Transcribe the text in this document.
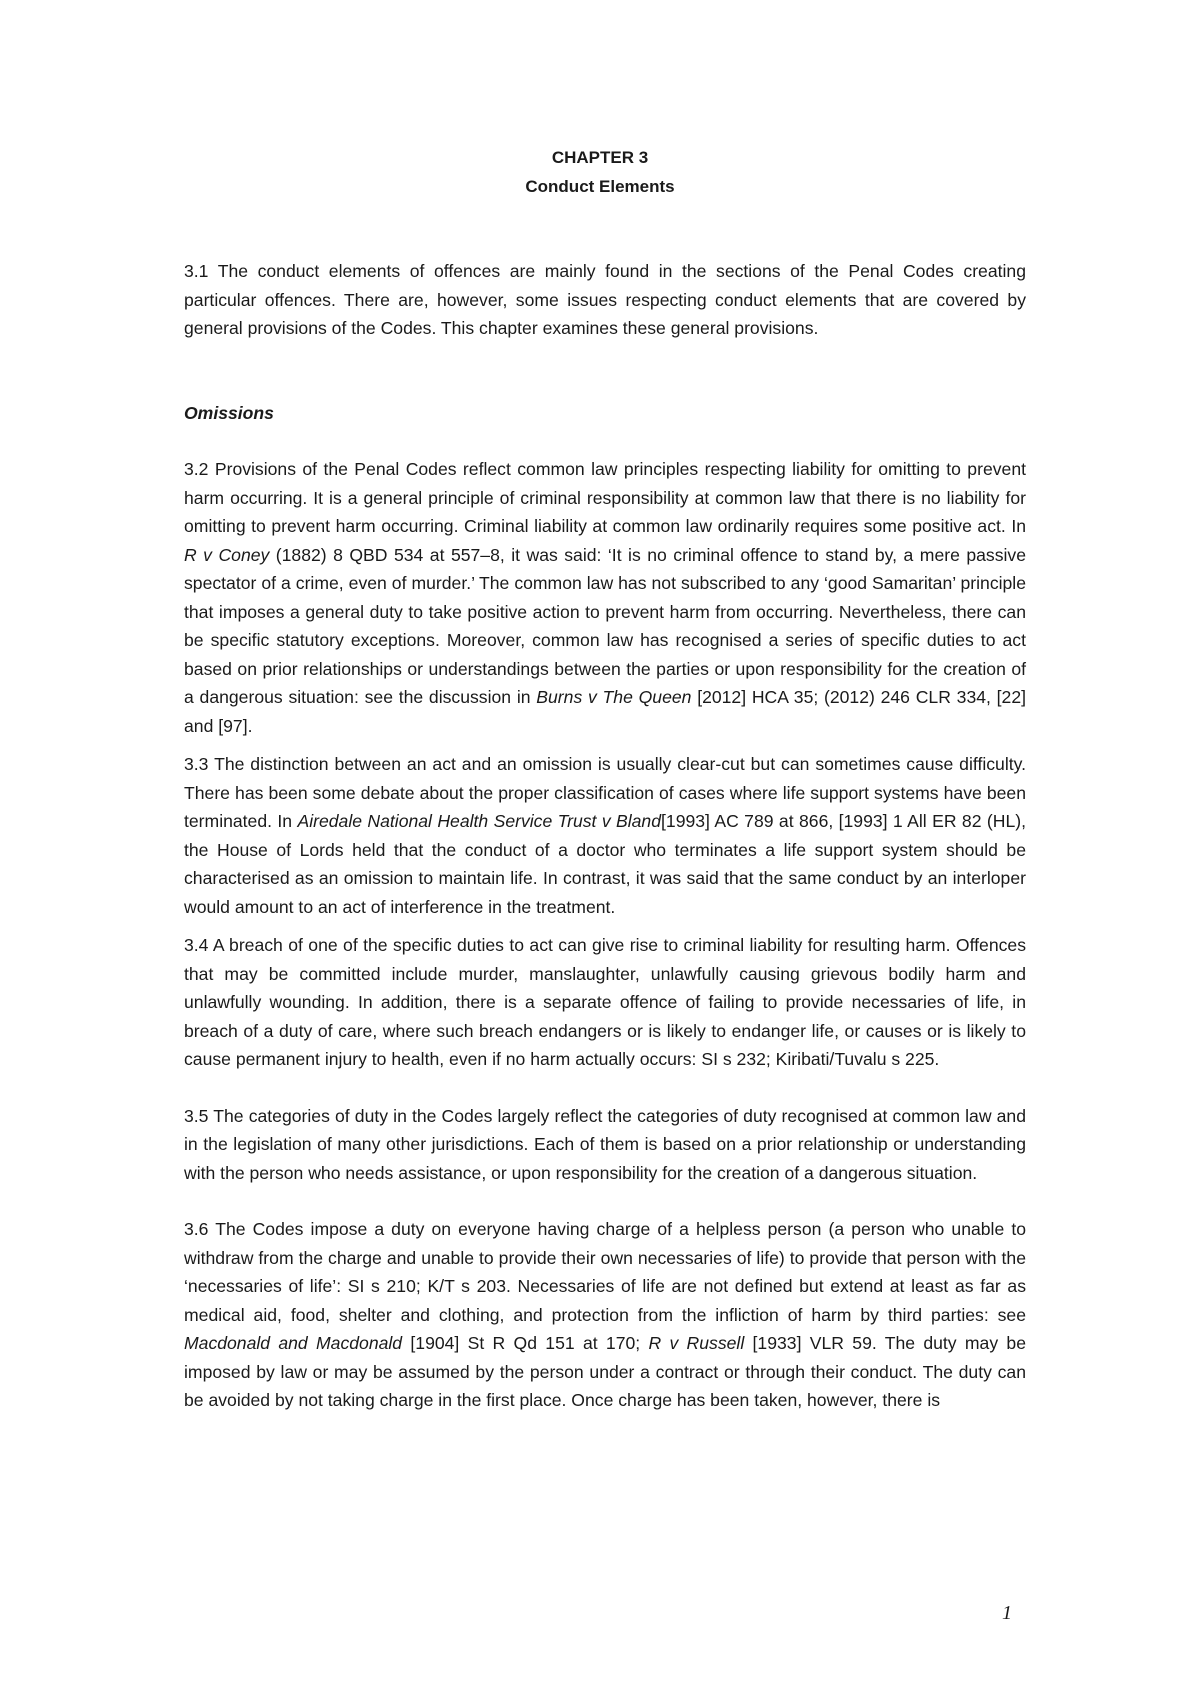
CHAPTER 3
Conduct Elements

3.1 The conduct elements of offences are mainly found in the sections of the Penal Codes creating particular offences. There are, however, some issues respecting conduct elements that are covered by general provisions of the Codes. This chapter examines these general provisions.

Omissions

3.2 Provisions of the Penal Codes reflect common law principles respecting liability for omitting to prevent harm occurring. It is a general principle of criminal responsibility at common law that there is no liability for omitting to prevent harm occurring. Criminal liability at common law ordinarily requires some positive act. In R v Coney (1882) 8 QBD 534 at 557–8, it was said: ‘It is no criminal offence to stand by, a mere passive spectator of a crime, even of murder.’ The common law has not subscribed to any ‘good Samaritan’ principle that imposes a general duty to take positive action to prevent harm from occurring. Nevertheless, there can be specific statutory exceptions. Moreover, common law has recognised a series of specific duties to act based on prior relationships or understandings between the parties or upon responsibility for the creation of a dangerous situation: see the discussion in Burns v The Queen [2012] HCA 35; (2012) 246 CLR 334, [22] and [97].

3.3 The distinction between an act and an omission is usually clear-cut but can sometimes cause difficulty. There has been some debate about the proper classification of cases where life support systems have been terminated. In Airedale National Health Service Trust v Bland[1993] AC 789 at 866, [1993] 1 All ER 82 (HL), the House of Lords held that the conduct of a doctor who terminates a life support system should be characterised as an omission to maintain life. In contrast, it was said that the same conduct by an interloper would amount to an act of interference in the treatment.

3.4 A breach of one of the specific duties to act can give rise to criminal liability for resulting harm. Offences that may be committed include murder, manslaughter, unlawfully causing grievous bodily harm and unlawfully wounding. In addition, there is a separate offence of failing to provide necessaries of life, in breach of a duty of care, where such breach endangers or is likely to endanger life, or causes or is likely to cause permanent injury to health, even if no harm actually occurs: SI s 232; Kiribati/Tuvalu s 225.

3.5 The categories of duty in the Codes largely reflect the categories of duty recognised at common law and in the legislation of many other jurisdictions. Each of them is based on a prior relationship or understanding with the person who needs assistance, or upon responsibility for the creation of a dangerous situation.

3.6 The Codes impose a duty on everyone having charge of a helpless person (a person who unable to withdraw from the charge and unable to provide their own necessaries of life) to provide that person with the ‘necessaries of life’: SI s 210; K/T s 203. Necessaries of life are not defined but extend at least as far as medical aid, food, shelter and clothing, and protection from the infliction of harm by third parties: see Macdonald and Macdonald [1904] St R Qd 151 at 170; R v Russell [1933] VLR 59. The duty may be imposed by law or may be assumed by the person under a contract or through their conduct. The duty can be avoided by not taking charge in the first place. Once charge has been taken, however, there is

1
